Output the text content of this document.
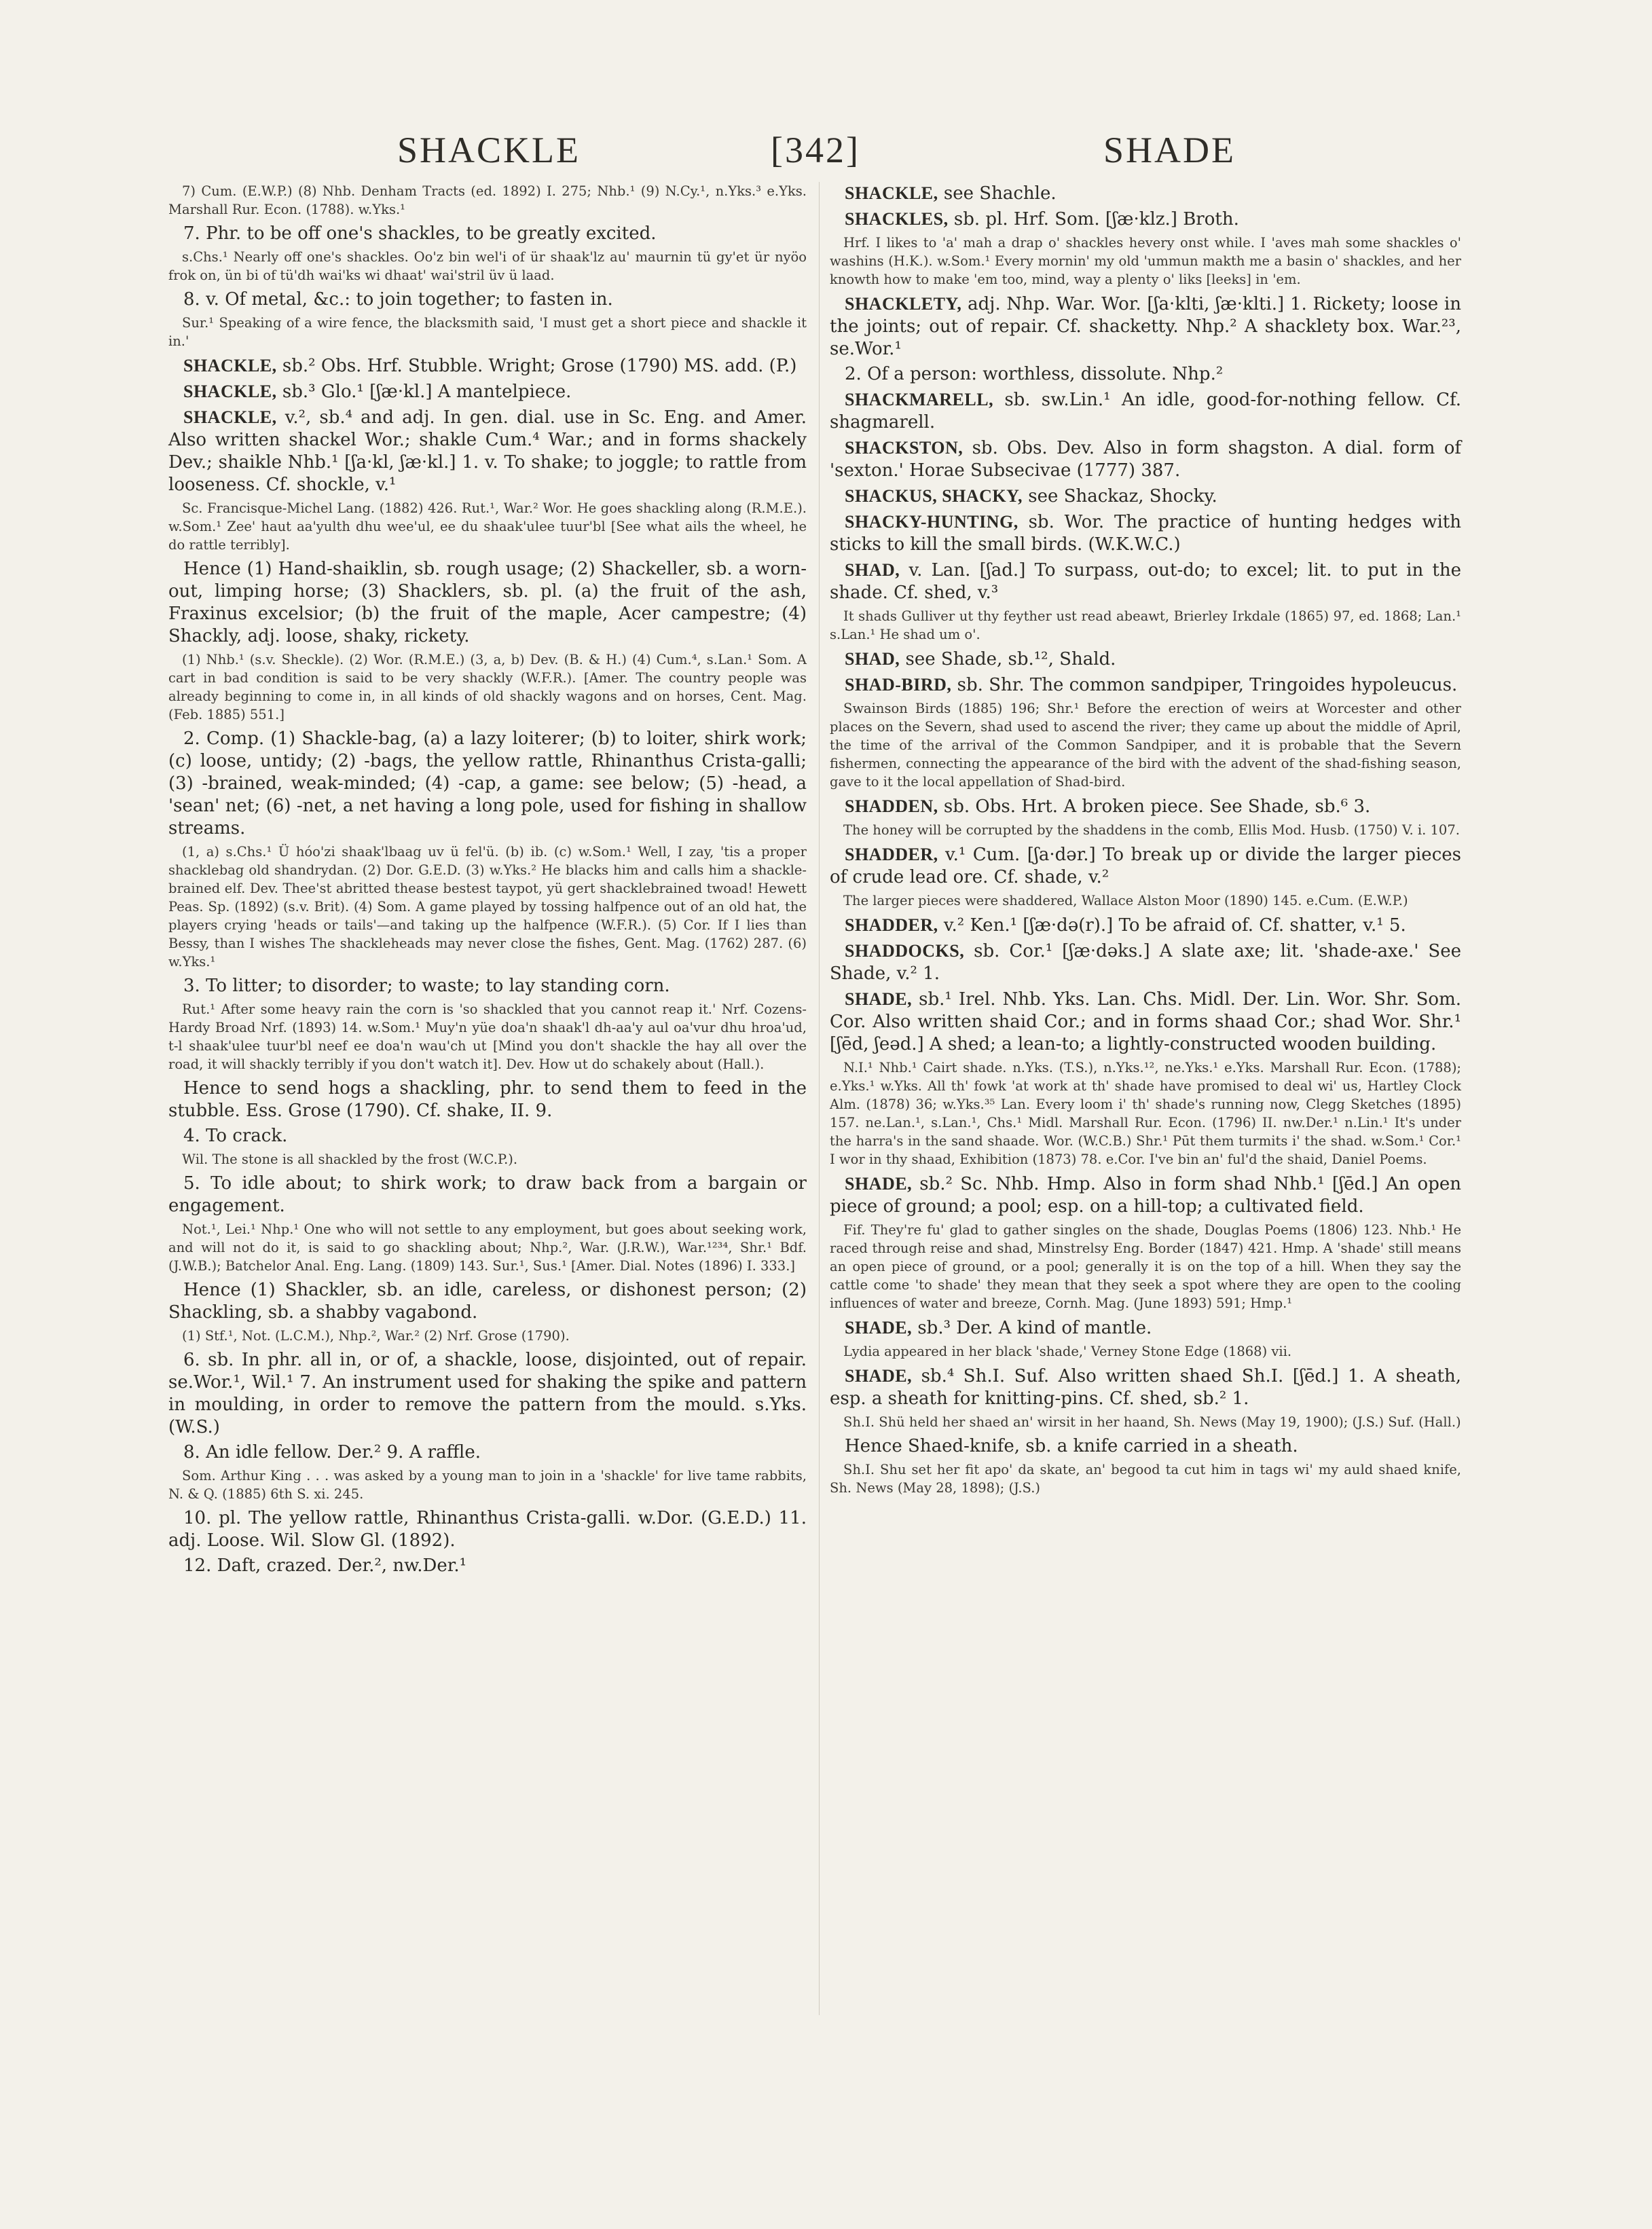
SHACKLE	[342]	SHADE
7) Cum. (E.W.P.) (8) Nhb. Denham Tracts (ed. 1892) I. 275; Nhb.¹ (9) N.Cy.¹, n.Yks.³ e.Yks. Marshall Rur. Econ. (1788). w.Yks.¹
7. Phr. to be off one's shackles, to be greatly excited.
s.Chs.¹ Nearly off one's shackles. Oo'z bin wel'i of ür shaak'lz au' maurnin tü gy'et ür nyöo frok on, ün bi of tü'dh wai'ks wi dhaat' wai'stril üv ü laad.
8. v. Of metal, &c.: to join together; to fasten in.
Sur.¹ Speaking of a wire fence, the blacksmith said, 'I must get a short piece and shackle it in.'
SHACKLE, sb.² Obs. Hrf. Stubble. Wright; Grose (1790) MS. add. (P.)
SHACKLE, sb.³ Glo.¹ [ʃæ·kl.] A mantelpiece.
SHACKLE, v.², sb.⁴ and adj. In gen. dial. use in Sc. Eng. and Amer. Also written shackel Wor.; shakle Cum.⁴ War.; and in forms shackely Dev.; shaikle Nhb.¹ [ʃa·kl, ʃæ·kl.] 1. v. To shake; to joggle; to rattle from looseness. Cf. shockle, v.¹
Sc. Francisque-Michel Lang. (1882) 426. Rut.¹, War.² Wor. He goes shackling along (R.M.E.). w.Som.¹ Zee' haut aa'yulth dhu wee'ul, ee du shaak'ulee tuur'bl [See what ails the wheel, he do rattle terribly].
Hence (1) Hand-shaiklin, sb. rough usage; (2) Shackeller, sb. a worn-out, limping horse; (3) Shacklers, sb. pl. (a) the fruit of the ash, Fraxinus excelsior; (b) the fruit of the maple, Acer campestre; (4) Shackly, adj. loose, shaky, rickety.
(1) Nhb.¹ (s.v. Sheckle). (2) Wor. (R.M.E.) (3, a, b) Dev. (B. & H.) (4) Cum.⁴, s.Lan.¹ Som. A cart in bad condition is said to be very shackly (W.F.R.). [Amer. The country people was already beginning to come in, in all kinds of old shackly wagons and on horses, Cent. Mag. (Feb. 1885) 551.]
2. Comp. (1) Shackle-bag, (a) a lazy loiterer; (b) to loiter, shirk work; (c) loose, untidy; (2) -bags, the yellow rattle, Rhinanthus Crista-galli; (3) -brained, weak-minded; (4) -cap, a game: see below; (5) -head, a 'sean' net; (6) -net, a net having a long pole, used for fishing in shallow streams.
(1, a) s.Chs.¹ Ü hóo'zi shaak'lbaag uv ü fel'ü. (b) ib. (c) w.Som.¹ Well, I zay, 'tis a proper shacklebag old shandrydan. (2) Dor. G.E.D. (3) w.Yks.² He blacks him and calls him a shackle-brained elf. Dev. Thee'st abritted thease bestest taypot, yü gert shacklebrained twoad! Hewett Peas. Sp. (1892) (s.v. Brit). (4) Som. A game played by tossing halfpence out of an old hat, the players crying 'heads or tails'—and taking up the halfpence (W.F.R.). (5) Cor. If I lies than Bessy, than I wishes The shackleheads may never close the fishes, Gent. Mag. (1762) 287. (6) w.Yks.¹
3. To litter; to disorder; to waste; to lay standing corn.
Rut.¹ After some heavy rain the corn is 'so shackled that you cannot reap it.' Nrf. Cozens-Hardy Broad Nrf. (1893) 14. w.Som.¹ Muy'n yüe doa'n shaak'l dh-aa'y aul oa'vur dhu hroa'ud, t-l shaak'ulee tuur'bl neef ee doa'n wau'ch ut [Mind you don't shackle the hay all over the road, it will shackly terribly if you don't watch it]. Dev. How ut do schakely about (Hall.).
Hence to send hogs a shackling, phr. to send them to feed in the stubble. Ess. Grose (1790). Cf. shake, II. 9.
4. To crack.
Wil. The stone is all shackled by the frost (W.C.P.).
5. To idle about; to shirk work; to draw back from a bargain or engagement.
Not.¹, Lei.¹ Nhp.¹ One who will not settle to any employment, but goes about seeking work, and will not do it, is said to go shackling about; Nhp.², War. (J.R.W.), War.¹²³⁴, Shr.¹ Bdf. (J.W.B.); Batchelor Anal. Eng. Lang. (1809) 143. Sur.¹, Sus.¹ [Amer. Dial. Notes (1896) I. 333.]
Hence (1) Shackler, sb. an idle, careless, or dishonest person; (2) Shackling, sb. a shabby vagabond.
(1) Stf.¹, Not. (L.C.M.), Nhp.², War.² (2) Nrf. Grose (1790).
6. sb. In phr. all in, or of, a shackle, loose, disjointed, out of repair. se.Wor.¹, Wil.¹ 7. An instrument used for shaking the spike and pattern in moulding, in order to remove the pattern from the mould. s.Yks. (W.S.)
8. An idle fellow. Der.² 9. A raffle.
Som. Arthur King . . . was asked by a young man to join in a 'shackle' for live tame rabbits, N. & Q. (1885) 6th S. xi. 245.
10. pl. The yellow rattle, Rhinanthus Crista-galli. w.Dor. (G.E.D.) 11. adj. Loose. Wil. Slow Gl. (1892).
12. Daft, crazed. Der.², nw.Der.¹
SHACKLE, see Shachle.
SHACKLES, sb. pl. Hrf. Som. [ʃæ·klz.] Broth.
Hrf. I likes to 'a' mah a drap o' shackles hevery onst while. I 'aves mah some shackles o' washins (H.K.). w.Som.¹ Every mornin' my old 'ummun makth me a basin o' shackles, and her knowth how to make 'em too, mind, way a plenty o' liks [leeks] in 'em.
SHACKLETY, adj. Nhp. War. Wor. [ʃa·klti, ʃæ·klti.] 1. Rickety; loose in the joints; out of repair. Cf. shacketty. Nhp.² A shacklety box. War.²³, se.Wor.¹
2. Of a person: worthless, dissolute. Nhp.²
SHACKMARELL, sb. sw.Lin.¹ An idle, good-for-nothing fellow. Cf. shagmarell.
SHACKSTON, sb. Obs. Dev. Also in form shagston. A dial. form of 'sexton.' Horae Subsecivae (1777) 387.
SHACKUS, SHACKY, see Shackaz, Shocky.
SHACKY-HUNTING, sb. Wor. The practice of hunting hedges with sticks to kill the small birds. (W.K.W.C.)
SHAD, v. Lan. [ʃad.] To surpass, out-do; to excel; lit. to put in the shade. Cf. shed, v.³
It shads Gulliver ut thy feyther ust read abeawt, Brierley Irkdale (1865) 97, ed. 1868; Lan.¹ s.Lan.¹ He shad um o'.
SHAD, see Shade, sb.¹², Shald.
SHAD-BIRD, sb. Shr. The common sandpiper, Tringoides hypoleucus.
Swainson Birds (1885) 196; Shr.¹ Before the erection of weirs at Worcester and other places on the Severn, shad used to ascend the river; they came up about the middle of April, the time of the arrival of the Common Sandpiper, and it is probable that the Severn fishermen, connecting the appearance of the bird with the advent of the shad-fishing season, gave to it the local appellation of Shad-bird.
SHADDEN, sb. Obs. Hrt. A broken piece. See Shade, sb.⁶ 3.
The honey will be corrupted by the shaddens in the comb, Ellis Mod. Husb. (1750) V. i. 107.
SHADDER, v.¹ Cum. [ʃa·dər.] To break up or divide the larger pieces of crude lead ore. Cf. shade, v.²
The larger pieces were shaddered, Wallace Alston Moor (1890) 145. e.Cum. (E.W.P.)
SHADDER, v.² Ken.¹ [ʃæ·də(r).] To be afraid of. Cf. shatter, v.¹ 5.
SHADDOCKS, sb. Cor.¹ [ʃæ·dəks.] A slate axe; lit. 'shade-axe.' See Shade, v.² 1.
SHADE, sb.¹ Irel. Nhb. Yks. Lan. Chs. Midl. Der. Lin. Wor. Shr. Som. Cor. Also written shaid Cor.; and in forms shaad Cor.; shad Wor. Shr.¹ [ʃēd, ʃeəd.] A shed; a lean-to; a lightly-constructed wooden building.
N.I.¹ Nhb.¹ Cairt shade. n.Yks. (T.S.), n.Yks.¹², ne.Yks.¹ e.Yks. Marshall Rur. Econ. (1788); e.Yks.¹ w.Yks. All th' fowk 'at work at th' shade have promised to deal wi' us, Hartley Clock Alm. (1878) 36; w.Yks.³⁵ Lan. Every loom i' th' shade's running now, Clegg Sketches (1895) 157. ne.Lan.¹, s.Lan.¹, Chs.¹ Midl. Marshall Rur. Econ. (1796) II. nw.Der.¹ n.Lin.¹ It's under the harra's in the sand shaade. Wor. (W.C.B.) Shr.¹ Pūt them turmits i' the shad. w.Som.¹ Cor.¹ I wor in thy shaad, Exhibition (1873) 78. e.Cor. I've bin an' ful'd the shaid, Daniel Poems.
SHADE, sb.² Sc. Nhb. Hmp. Also in form shad Nhb.¹ [ʃēd.] An open piece of ground; a pool; esp. on a hill-top; a cultivated field.
Fif. They're fu' glad to gather singles on the shade, Douglas Poems (1806) 123. Nhb.¹ He raced through reise and shad, Minstrelsy Eng. Border (1847) 421. Hmp. A 'shade' still means an open piece of ground, or a pool; generally it is on the top of a hill. When they say the cattle come 'to shade' they mean that they seek a spot where they are open to the cooling influences of water and breeze, Cornh. Mag. (June 1893) 591; Hmp.¹
SHADE, sb.³ Der. A kind of mantle.
Lydia appeared in her black 'shade,' Verney Stone Edge (1868) vii.
SHADE, sb.⁴ Sh.I. Suf. Also written shaed Sh.I. [ʃēd.] 1. A sheath, esp. a sheath for knitting-pins. Cf. shed, sb.² 1.
Sh.I. Shü held her shaed an' wirsit in her haand, Sh. News (May 19, 1900); (J.S.) Suf. (Hall.)
Hence Shaed-knife, sb. a knife carried in a sheath.
Sh.I. Shu set her fit apo' da skate, an' begood ta cut him in tags wi' my auld shaed knife, Sh. News (May 28, 1898); (J.S.)
